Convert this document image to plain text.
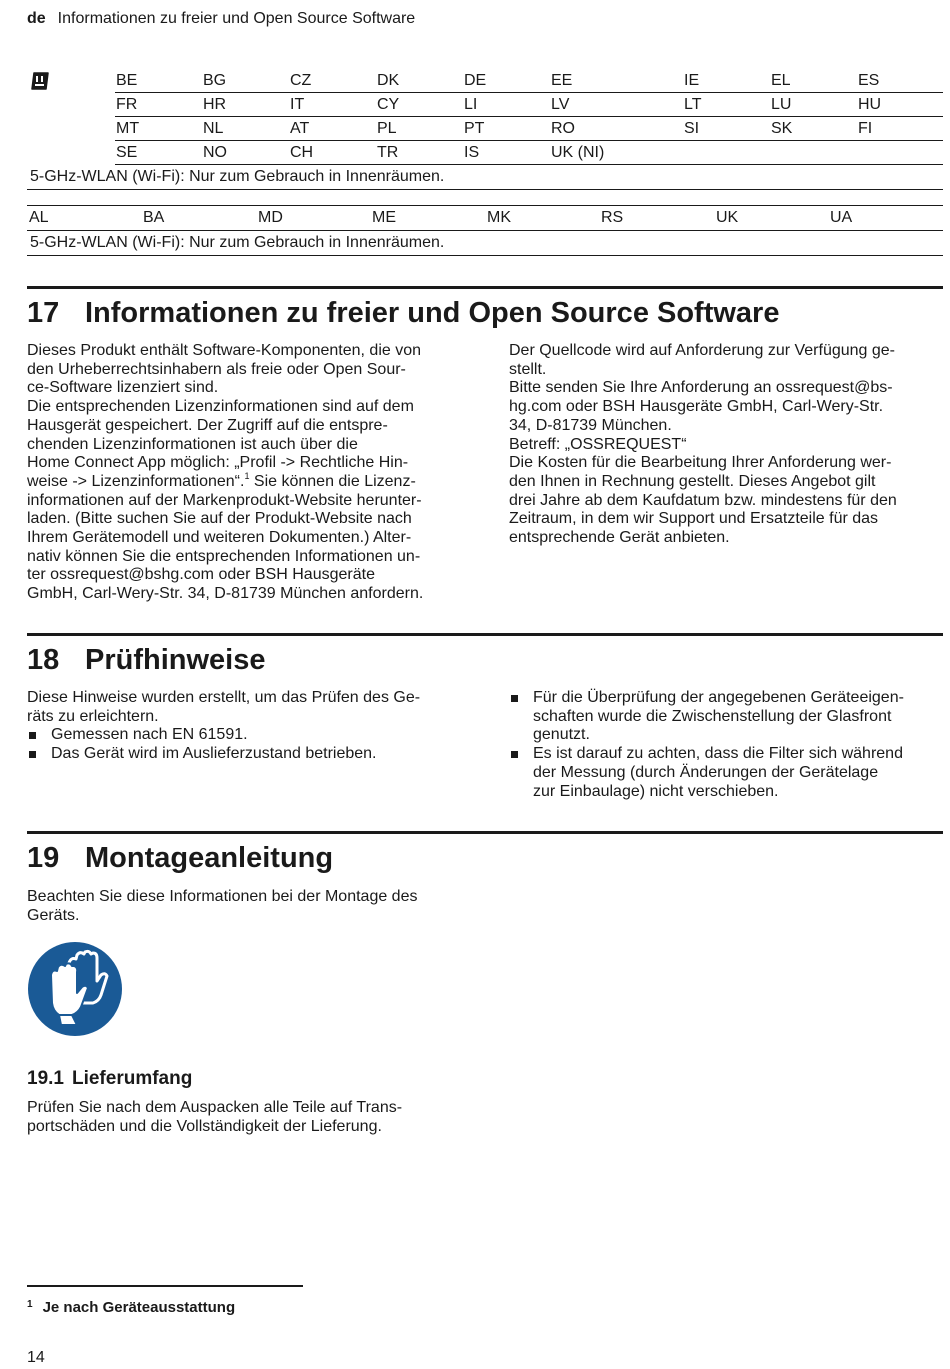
de Informationen zu freier und Open Source Software
BE	BG	CZ	DK	DE	EE	IE	EL	ES
FR	HR	IT	CY	LI	LV	LT	LU	HU
MT	NL	AT	PL	PT	RO	SI	SK	FI
SE	NO	CH	TR	IS	UK (NI)
5-GHz-WLAN (Wi-Fi): Nur zum Gebrauch in Innenräumen.
AL	BA	MD	ME	MK	RS	UK	UA
5-GHz-WLAN (Wi-Fi): Nur zum Gebrauch in Innenräumen.
17 Informationen zu freier und Open Source Software

Dieses Produkt enthält Software-Komponenten, die von

den Urheberrechtsinhabern als freie oder Open Sour-

ce-Software lizenziert sind.

Die entsprechenden Lizenzinformationen sind auf dem

Hausgerät gespeichert. Der Zugriff auf die entspre-

chenden Lizenzinformationen ist auch über die

Home Connect App möglich: „Profil -> Rechtliche Hin-

weise -> Lizenzinformationen“.$^1$ Sie können die Lizenz-

informationen auf der Markenprodukt-Website herunter-

laden. (Bitte suchen Sie auf der Produkt-Website nach

Ihrem Gerätemodell und weiteren Dokumenten.) Alter-

nativ können Sie die entsprechenden Informationen un-

ter ossrequest@bshg.com oder BSH Hausgeräte

GmbH, Carl-Wery-Str. 34, D-81739 München anfordern.

Der Quellcode wird auf Anforderung zur Verfügung ge-

stellt.

Bitte senden Sie Ihre Anforderung an ossrequest@bs-

hg.com oder BSH Hausgeräte GmbH, Carl-Wery-Str.

34, D-81739 München.

Betreff: „OSSREQUEST“

Die Kosten für die Bearbeitung Ihrer Anforderung wer-

den Ihnen in Rechnung gestellt. Dieses Angebot gilt

drei Jahre ab dem Kaufdatum bzw. mindestens für den

Zeitraum, in dem wir Support und Ersatzteile für das

entsprechende Gerät anbieten.

18 Prüfhinweise

Diese Hinweise wurden erstellt, um das Prüfen des Ge-

räts zu erleichtern.

Gemessen nach EN 61591.

Das Gerät wird im Auslieferzustand betrieben.

Für die Überprüfung der angegebenen Geräteeigen-

schaften wurde die Zwischenstellung der Glasfront

genutzt.

Es ist darauf zu achten, dass die Filter sich während

der Messung (durch Änderungen der Gerätelage

zur Einbaulage) nicht verschieben.

19 Montageanleitung

Beachten Sie diese Informationen bei der Montage des

Geräts.

19.1 Lieferumfang

Prüfen Sie nach dem Auspacken alle Teile auf Trans-

portschäden und die Vollständigkeit der Lieferung.

$^1$ Je nach Geräteausstattung
14
